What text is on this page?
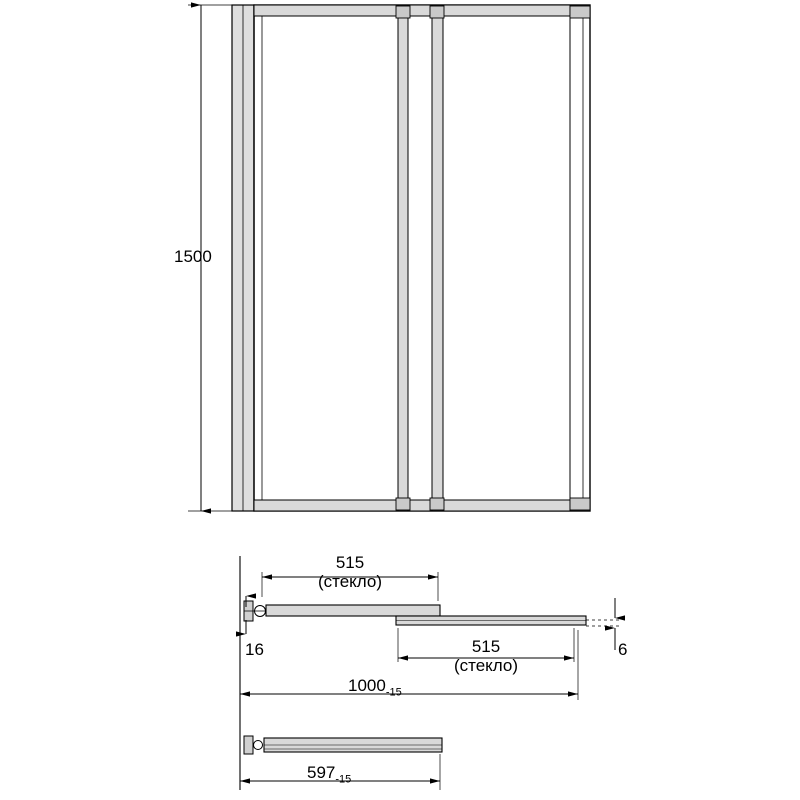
1500
515
(стекло)
515
(стекло)
16	6
$1000_{-15}$
$597_{-15}$
